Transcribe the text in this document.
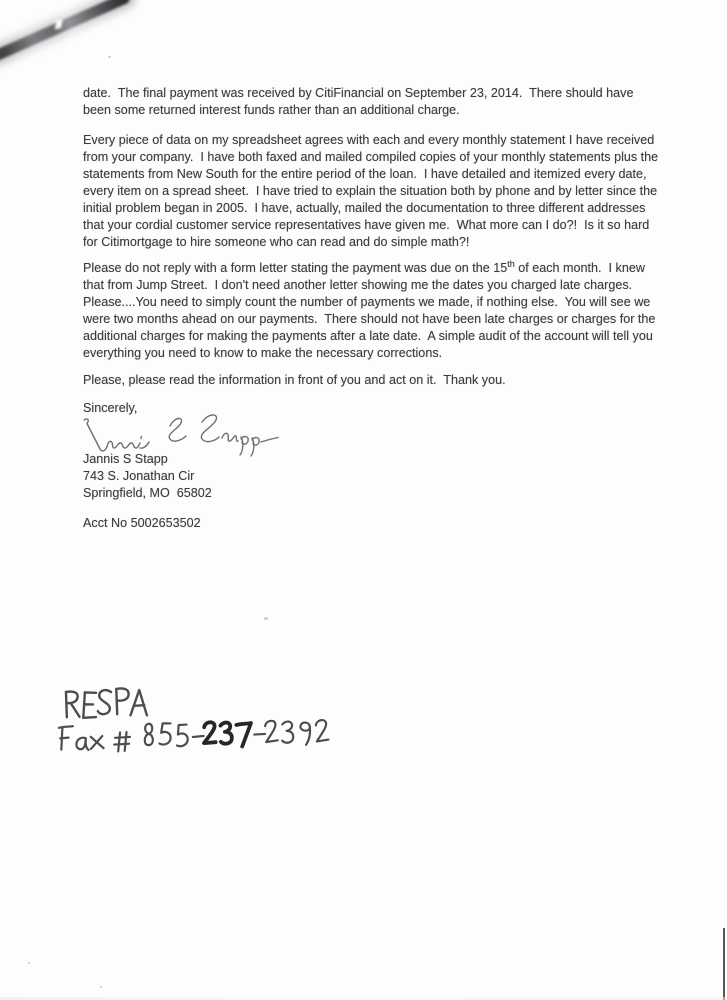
date.  The final payment was received by CitiFinancial on September 23, 2014.  There should have been some returned interest funds rather than an additional charge.
Every piece of data on my spreadsheet agrees with each and every monthly statement I have received from your company.  I have both faxed and mailed compiled copies of your monthly statements plus the statements from New South for the entire period of the loan.  I have detailed and itemized every date, every item on a spread sheet.  I have tried to explain the situation both by phone and by letter since the initial problem began in 2005.  I have, actually, mailed the documentation to three different addresses that your cordial customer service representatives have given me.  What more can I do?!  Is it so hard for Citimortgage to hire someone who can read and do simple math?!
Please do not reply with a form letter stating the payment was due on the 15th of each month.  I knew that from Jump Street.  I don't need another letter showing me the dates you charged late charges.  Please....You need to simply count the number of payments we made, if nothing else.  You will see we were two months ahead on our payments.  There should not have been late charges or charges for the additional charges for making the payments after a late date.  A simple audit of the account will tell you everything you need to know to make the necessary corrections.
Please, please read the information in front of you and act on it.  Thank you.
Sincerely,
Jannis S Stapp
743 S. Jonathan Cir
Springfield, MO  65802
Acct No 5002653502
